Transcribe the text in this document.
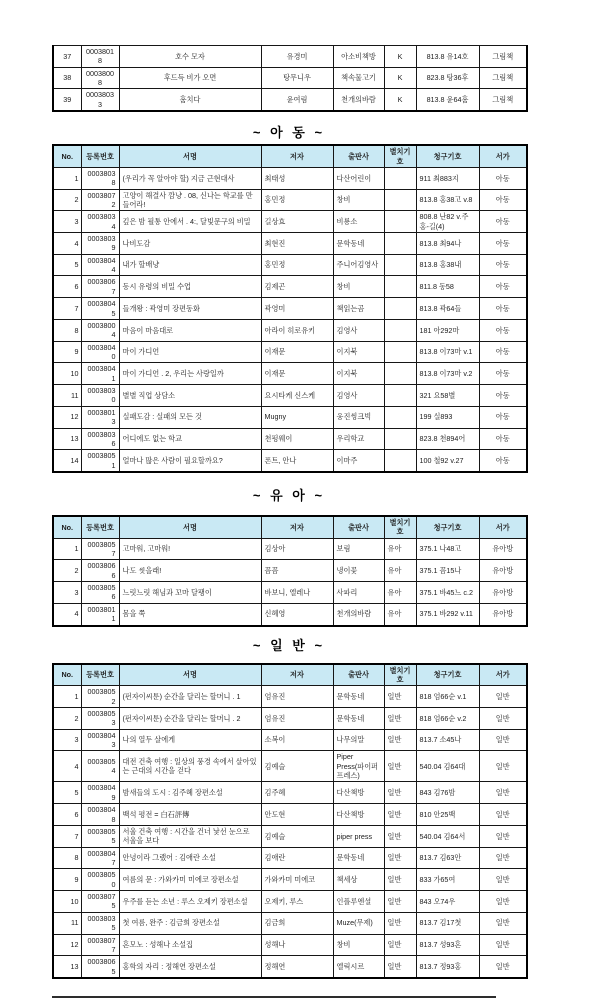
37	00038018	호수 모자	유경미	아소비책방	K	813.8 유14호	그림책
38	00038008	후드득 비가 오면	탕무니우	책속물고기	K	823.8 탕36후	그림책
39	00038033	훔치다	윤여림	천개의바람	K	813.8 윤64훔	그림책
~ 아 동 ~
No.	등록번호	서명	저자	출판사	별치기호	청구기호	서가
1	00038038	(우리가 꼭 알아야 할) 지금 근현대사	최태성	다산어린이		911 최883지	아동
2	00038072	고양이 해결사 깜냥 . 08, 신나는 학교를 만들어라!	홍민정	창비		813.8 홍38고 v.8	아동
3	00038034	깊은 밤 필통 안에서 . 4:, 달빛문구의 비밀	길상효	비룡소		808.8 난82 v.주홍-길(4)	아동
4	00038039	나비도감	최현진	문학동네		813.8 최94나	아동
5	00038044	내가 할배냥	홍민정	주니어김영사		813.8 홍38내	아동
6	00038067	동시 유령의 비밀 수업	김제곤	창비		811.8 동58	아동
7	00038045	들개왕 : 곽영미 장편동화	곽영미	책읽는곰		813.8 곽64들	아동
8	00038004	마음이 마음대로	아라이 히로유키	김영사		181 아292마	아동
9	00038040	마이 가디언	이재문	이지북		813.8 이73마 v.1	아동
10	00038041	마이 가디언 . 2, 우리는 사랑일까	이재문	이지북		813.8 이73마 v.2	아동
11	00038030	별별 직업 상담소	요시타케 신스케	김영사		321 요58별	아동
12	00038013	실패도감 : 실패의 모든 것	Mugny	웅진씽크빅		199 실893	아동
13	00038036	어디에도 없는 학교	천펑웨이	우리학교		823.8 천894어	아동
14	00038051	얼마나 많은 사람이 필요할까요?	폰트, 안나	이마주		100 철92 v.27	아동
~ 유 아 ~
No.	등록번호	서명	저자	출판사	별치기호	청구기호	서가
1	00038057	고마워, 고마워!	김상아	보림	유아	375.1 나48고	유아방
2	00038066	나도 씻을래!	꼼꼼	냉이꽃	유아	375.1 꼼15나	유아방
3	00038056	느릿느릿 해님과 꼬마 달팽이	바보니, 엘레나	사파리	유아	375.1 바45느 c.2	유아방
4	00038011	몸을 쭉	신혜영	천개의바람	유아	375.1 바292 v.11	유아방
~ 일 반 ~
No.	등록번호	서명	저자	출판사	별치기호	청구기호	서가
1	00038052	(펀자이씨툰) 순간을 달리는 할머니 . 1	엄유진	문학동네	일반	818 엄66순 v.1	일반
2	00038053	(펀자이씨툰) 순간을 달리는 할머니 . 2	엄유진	문학동네	일반	818 엄66순 v.2	일반
3	00038043	나의 열두 살에게	소복이	나무의말	일반	813.7 소45나	일반
4	00038054	대전 건축 여행 : 일상의 풍경 속에서 살아있는 근대의 시간을 걷다	김예슬	Piper Press(파이퍼 프레스)	일반	540.04 김64대	일반
5	00038049	밤새들의 도시 : 김주혜 장편소설	김주혜	다산책방	일반	843 김76밤	일반
6	00038048	백석 평전 = 白石評傳	안도현	다산책방	일반	810 안25백	일반
7	00038055	서울 건축 여행 : 시간을 건너 낯선 눈으로 서울을 보다	김예슬	piper press	일반	540.04 김64서	일반
8	00038047	안녕이라 그랬어 : 김애란 소설	김애란	문학동네	일반	813.7 김63안	일반
9	00038050	여름의 문 : 가와카미 미에코 장편소설	가와카미 미에코	책세상	일반	833 가65여	일반
10	00038075	우주를 듣는 소년 : 루스 오제키 장편소설	오제키, 루스	인플루엔셜	일반	843 오74우	일반
11	00038035	첫 여름, 완주 : 김금희 장편소설	김금희	Muze(무제)	일반	813.7 김17첫	일반
12	00038077	혼모노 : 성해나 소설집	성해나	창비	일반	813.7 성93혼	일반
13	00038065	홍학의 자리 : 정해연 장편소설	정해연	엘릭시르	일반	813.7 정93홍	일반
